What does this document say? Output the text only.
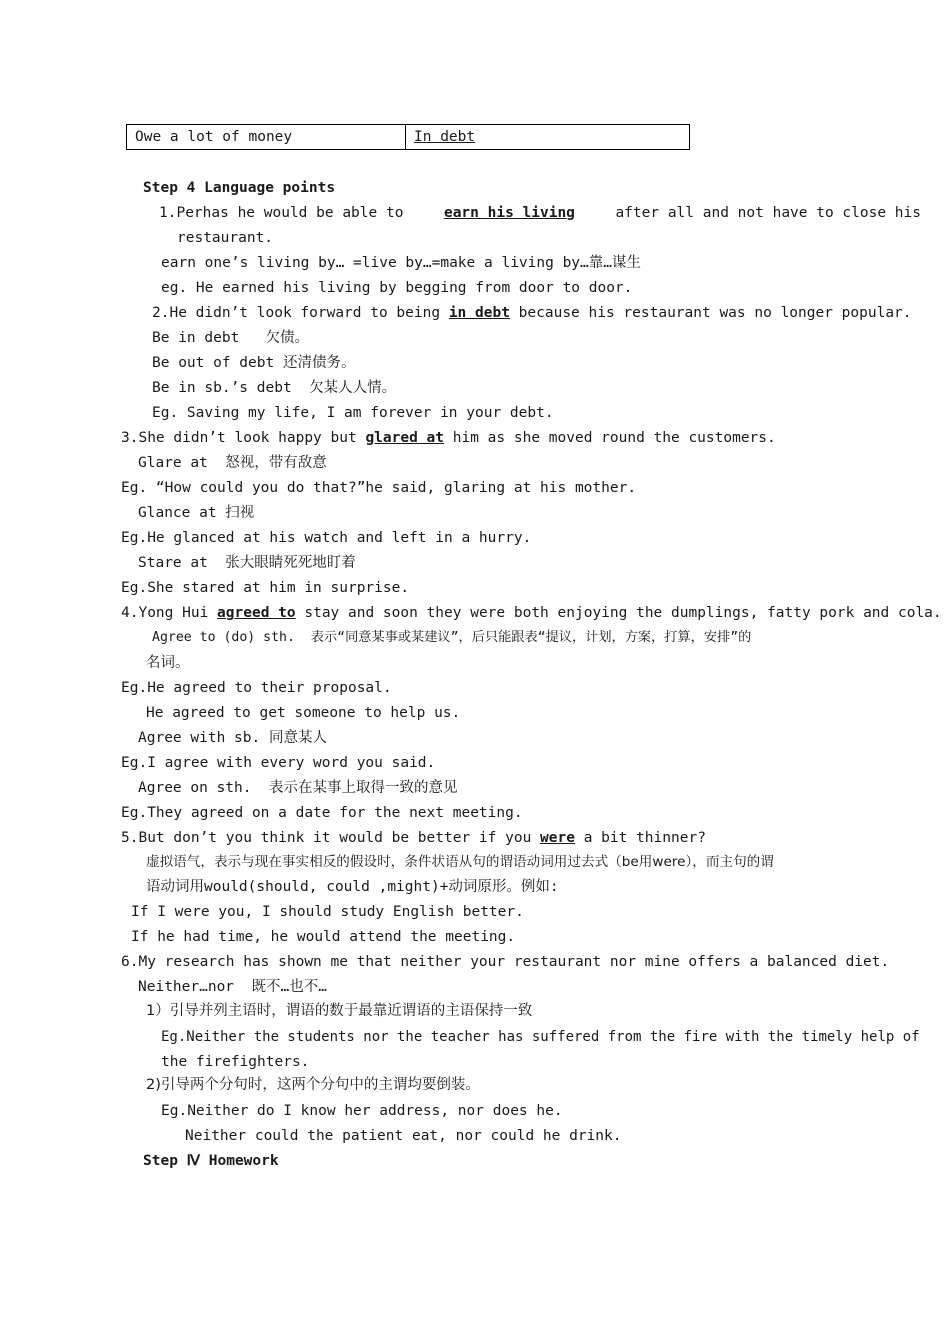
Owe a lot of money	In debt
Step 4 Language points
1.Perhas he would be able to	earn his living	after all and not have to close his
restaurant.
earn one’s living by… =live by…=make a living by…靠…谋生
eg. He earned his living by begging from door to door.
2.He didn’t look forward to being in debt because his restaurant was no longer popular.
Be in debt   欠债。
Be out of debt 还清债务。
Be in sb.’s debt  欠某人人情。
Eg. Saving my life, I am forever in your debt.
3.She didn’t look happy but glared at him as she moved round the customers.
Glare at  怒视，带有敌意
Eg. “How could you do that?”he said, glaring at his mother.
Glance at 扫视
Eg.He glanced at his watch and left in a hurry.
Stare at  张大眼睛死死地盯着
Eg.She stared at him in surprise.
4.Yong Hui agreed to stay and soon they were both enjoying the dumplings, fatty pork and cola.
Agree to (do) sth.  表示“同意某事或某建议”，后只能跟表“提议，计划，方案，打算，安排”的
名词。
Eg.He agreed to their proposal.
He agreed to get someone to help us.
Agree with sb. 同意某人
Eg.I agree with every word you said.
Agree on sth.  表示在某事上取得一致的意见
Eg.They agreed on a date for the next meeting.
5.But don’t you think it would be better if you were a bit thinner?
虚拟语气，表示与现在事实相反的假设时，条件状语从句的谓语动词用过去式（be用were），而主句的谓
语动词用would(should, could ,might)+动词原形。例如:
If I were you, I should study English better.
If he had time, he would attend the meeting.
6.My research has shown me that neither your restaurant nor mine offers a balanced diet.
Neither…nor  既不…也不…
1）引导并列主语时，谓语的数于最靠近谓语的主语保持一致
Eg.Neither the students nor the teacher has suffered from the fire with the timely help of
the firefighters.
2)引导两个分句时，这两个分句中的主谓均要倒装。
Eg.Neither do I know her address, nor does he.
Neither could the patient eat, nor could he drink.
Step Ⅳ Homework
